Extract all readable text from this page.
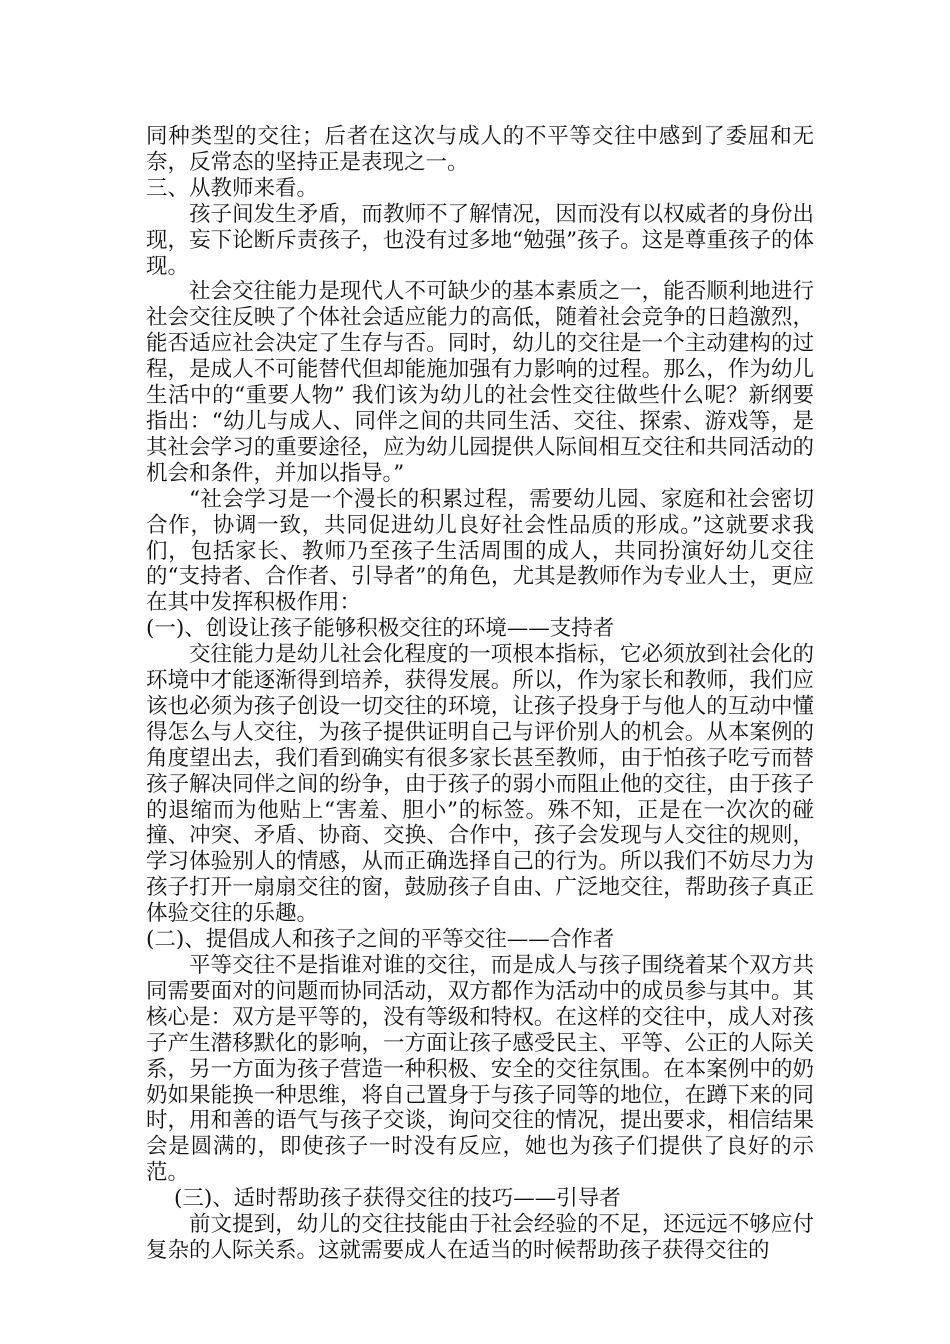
同种类型的交往；后者在这次与成人的不平等交往中感到了委屈和无奈，反常态的坚持正是表现之一。

三、从教师来看。

孩子间发生矛盾，而教师不了解情况，因而没有以权威者的身份出现，妄下论断斥责孩子，也没有过多地“勉强”孩子。这是尊重孩子的体现。

社会交往能力是现代人不可缺少的基本素质之一，能否顺利地进行社会交往反映了个体社会适应能力的高低，随着社会竞争的日趋激烈，能否适应社会决定了生存与否。同时，幼儿的交往是一个主动建构的过程，是成人不可能替代但却能施加强有力影响的过程。那么，作为幼儿生活中的“重要人物” 我们该为幼儿的社会性交往做些什么呢？新纲要指出：“幼儿与成人、同伴之间的共同生活、交往、探索、游戏等，是其社会学习的重要途径，应为幼儿园提供人际间相互交往和共同活动的机会和条件，并加以指导。”

“社会学习是一个漫长的积累过程，需要幼儿园、家庭和社会密切合作，协调一致，共同促进幼儿良好社会性品质的形成。”这就要求我们，包括家长、教师乃至孩子生活周围的成人，共同扮演好幼儿交往的“支持者、合作者、引导者”的角色，尤其是教师作为专业人士，更应在其中发挥积极作用：

(一)、创设让孩子能够积极交往的环境——支持者

交往能力是幼儿社会化程度的一项根本指标，它必须放到社会化的环境中才能逐渐得到培养，获得发展。所以，作为家长和教师，我们应该也必须为孩子创设一切交往的环境，让孩子投身于与他人的互动中懂得怎么与人交往，为孩子提供证明自己与评价别人的机会。从本案例的角度望出去，我们看到确实有很多家长甚至教师，由于怕孩子吃亏而替孩子解决同伴之间的纷争，由于孩子的弱小而阻止他的交往，由于孩子的退缩而为他贴上“害羞、胆小”的标签。殊不知，正是在一次次的碰撞、冲突、矛盾、协商、交换、合作中，孩子会发现与人交往的规则，学习体验别人的情感，从而正确选择自己的行为。所以我们不妨尽力为孩子打开一扇扇交往的窗，鼓励孩子自由、广泛地交往，帮助孩子真正体验交往的乐趣。

(二)、提倡成人和孩子之间的平等交往——合作者

平等交往不是指谁对谁的交往，而是成人与孩子围绕着某个双方共同需要面对的问题而协同活动，双方都作为活动中的成员参与其中。其核心是：双方是平等的，没有等级和特权。在这样的交往中，成人对孩子产生潜移默化的影响，一方面让孩子感受民主、平等、公正的人际关系，另一方面为孩子营造一种积极、安全的交往氛围。在本案例中的奶奶如果能换一种思维，将自己置身于与孩子同等的地位，在蹲下来的同时，用和善的语气与孩子交谈，询问交往的情况，提出要求，相信结果会是圆满的，即使孩子一时没有反应，她也为孩子们提供了良好的示范。

(三)、适时帮助孩子获得交往的技巧——引导者

前文提到，幼儿的交往技能由于社会经验的不足，还远远不够应付复杂的人际关系。这就需要成人在适当的时候帮助孩子获得交往的
